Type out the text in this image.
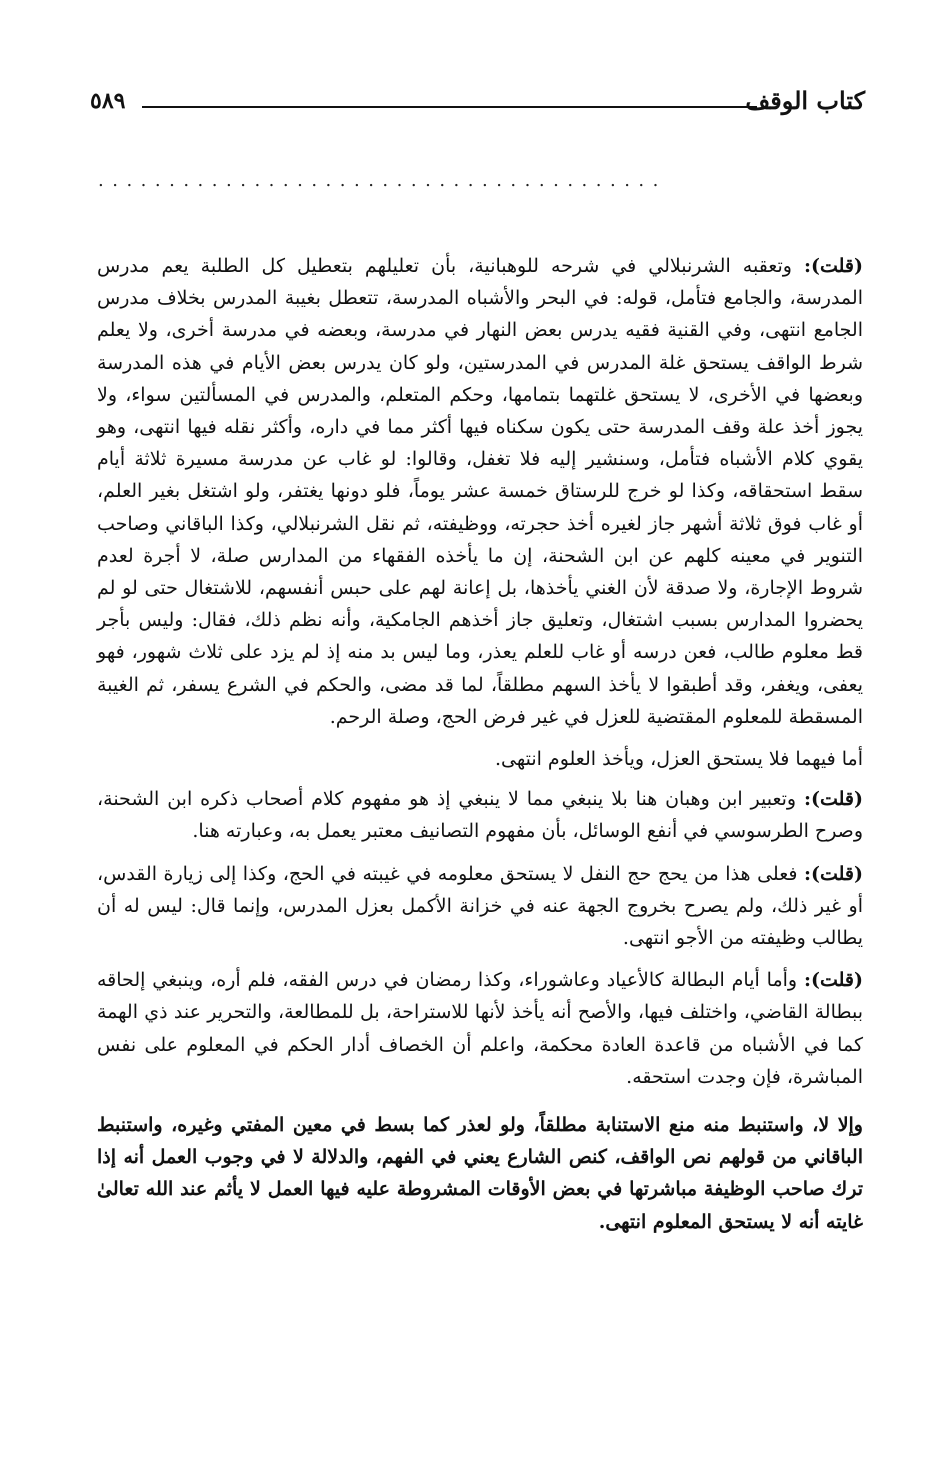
كتاب الوقف
٥٨٩
........................................

(قلت): وتعقبه الشرنبلالي في شرحه للوهبانية، بأن تعليلهم بتعطيل كل الطلبة يعم مدرس المدرسة، والجامع فتأمل، قوله: في البحر والأشباه المدرسة، تتعطل بغيبة المدرس بخلاف مدرس الجامع انتهى، وفي القنية فقيه يدرس بعض النهار في مدرسة، وبعضه في مدرسة أخرى، ولا يعلم شرط الواقف يستحق غلة المدرس في المدرستين، ولو كان يدرس بعض الأيام في هذه المدرسة وبعضها في الأخرى، لا يستحق غلتهما بتمامها، وحكم المتعلم، والمدرس في المسألتين سواء، ولا يجوز أخذ علة وقف المدرسة حتى يكون سكناه فيها أكثر مما في داره، وأكثر نقله فيها انتهى، وهو يقوي كلام الأشباه فتأمل، وسنشير إليه فلا تغفل، وقالوا: لو غاب عن مدرسة مسيرة ثلاثة أيام سقط استحقاقه، وكذا لو خرج للرستاق خمسة عشر يوماً، فلو دونها يغتفر، ولو اشتغل بغير العلم، أو غاب فوق ثلاثة أشهر جاز لغيره أخذ حجرته، ووظيفته، ثم نقل الشرنبلالي، وكذا الباقاني وصاحب التنوير في معينه كلهم عن ابن الشحنة، إن ما يأخذه الفقهاء من المدارس صلة، لا أجرة لعدم شروط الإجارة، ولا صدقة لأن الغني يأخذها، بل إعانة لهم على حبس أنفسهم، للاشتغال حتى لو لم يحضروا المدارس بسبب اشتغال، وتعليق جاز أخذهم الجامكية، وأنه نظم ذلك، فقال: وليس بأجر قط معلوم طالب، فعن درسه أو غاب للعلم يعذر، وما ليس بد منه إذ لم يزد على ثلاث شهور، فهو يعفى، ويغفر، وقد أطبقوا لا يأخذ السهم مطلقاً، لما قد مضى، والحكم في الشرع يسفر، ثم الغيبة المسقطة للمعلوم المقتضية للعزل في غير فرض الحج، وصلة الرحم.

أما فيهما فلا يستحق العزل، ويأخذ العلوم انتهى.

(قلت): وتعبير ابن وهبان هنا بلا ينبغي مما لا ينبغي إذ هو مفهوم كلام أصحاب ذكره ابن الشحنة، وصرح الطرسوسي في أنفع الوسائل، بأن مفهوم التصانيف معتبر يعمل به، وعبارته هنا.

(قلت): فعلى هذا من يحج حج النفل لا يستحق معلومه في غيبته في الحج، وكذا إلى زيارة القدس، أو غير ذلك، ولم يصرح بخروج الجهة عنه في خزانة الأكمل بعزل المدرس، وإنما قال: ليس له أن يطالب وظيفته من الأجو انتهى.

(قلت): وأما أيام البطالة كالأعياد وعاشوراء، وكذا رمضان في درس الفقه، فلم أره، وينبغي إلحاقه ببطالة القاضي، واختلف فيها، والأصح أنه يأخذ لأنها للاستراحة، بل للمطالعة، والتحرير عند ذي الهمة كما في الأشباه من قاعدة العادة محكمة، واعلم أن الخصاف أدار الحكم في المعلوم على نفس المباشرة، فإن وجدت استحقه.

وإلا لا، واستنبط منه منع الاستنابة مطلقاً، ولو لعذر كما بسط في معين المفتي وغيره، واستنبط الباقاني من قولهم نص الواقف، كنص الشارع يعني في الفهم، والدلالة لا في وجوب العمل أنه إذا ترك صاحب الوظيفة مباشرتها في بعض الأوقات المشروطة عليه فيها العمل لا يأثم عند الله تعالىٰ غايته أنه لا يستحق المعلوم انتهى.
